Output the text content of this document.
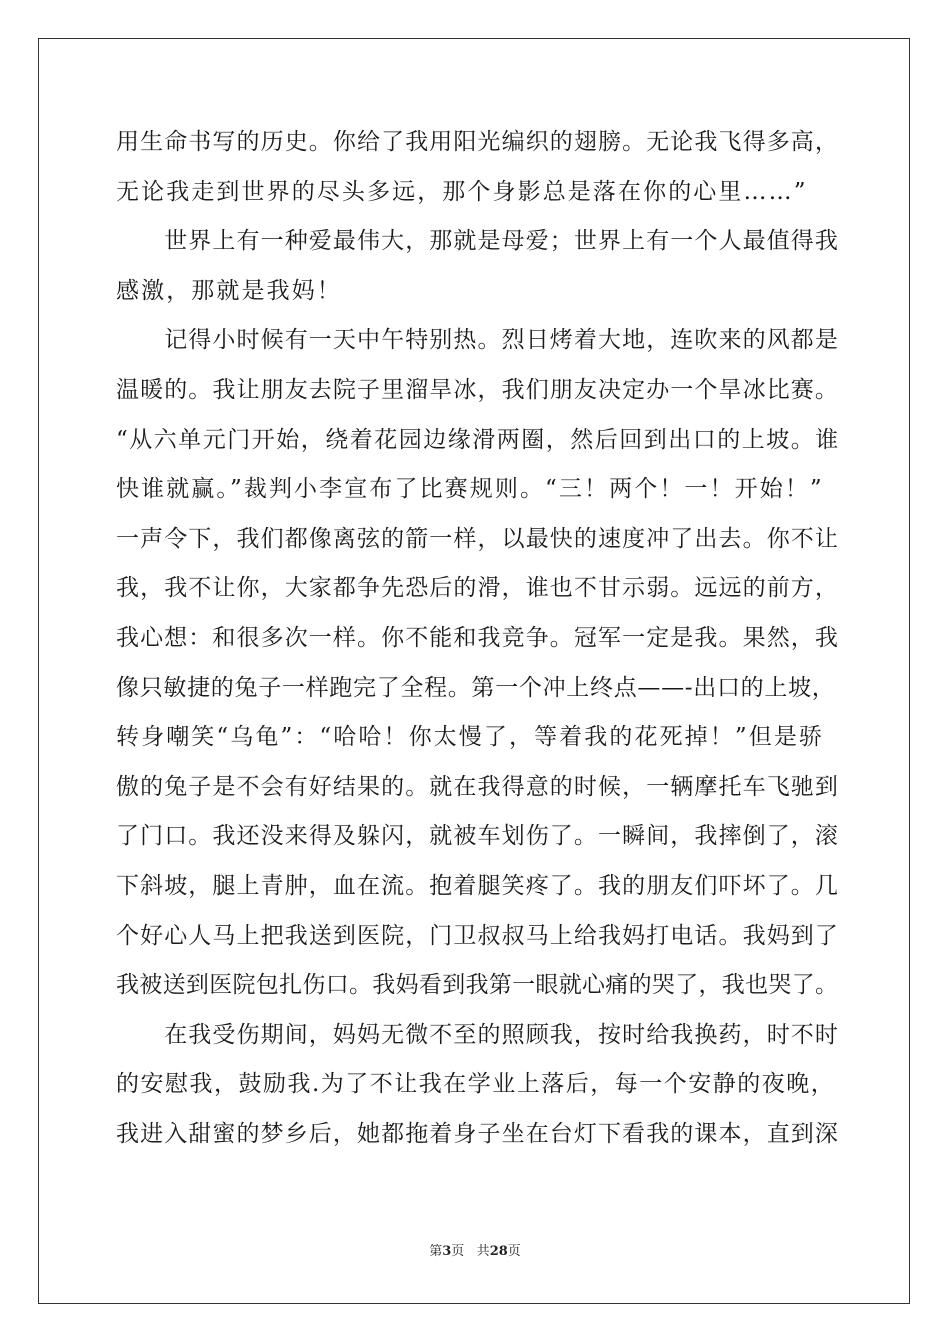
用生命书写的历史。你给了我用阳光编织的翅膀。无论我飞得多高，
无论我走到世界的尽头多远，那个身影总是落在你的心里……”
　　世界上有一种爱最伟大，那就是母爱；世界上有一个人最值得我
感激，那就是我妈！
　　记得小时候有一天中午特别热。烈日烤着大地，连吹来的风都是
温暖的。我让朋友去院子里溜旱冰，我们朋友决定办一个旱冰比赛。
“从六单元门开始，绕着花园边缘滑两圈，然后回到出口的上坡。谁
快谁就赢。”裁判小李宣布了比赛规则。“三！两个！一！开始！”
一声令下，我们都像离弦的箭一样，以最快的速度冲了出去。你不让
我，我不让你，大家都争先恐后的滑，谁也不甘示弱。远远的前方，
我心想：和很多次一样。你不能和我竞争。冠军一定是我。果然，我
像只敏捷的兔子一样跑完了全程。第一个冲上终点——-出口的上坡，
转身嘲笑“乌龟”：“哈哈！你太慢了，等着我的花死掉！”但是骄
傲的兔子是不会有好结果的。就在我得意的时候，一辆摩托车飞驰到
了门口。我还没来得及躲闪，就被车划伤了。一瞬间，我摔倒了，滚
下斜坡，腿上青肿，血在流。抱着腿笑疼了。我的朋友们吓坏了。几
个好心人马上把我送到医院，门卫叔叔马上给我妈打电话。我妈到了
我被送到医院包扎伤口。我妈看到我第一眼就心痛的哭了，我也哭了。
　　在我受伤期间，妈妈无微不至的照顾我，按时给我换药，时不时
的安慰我，鼓励我.为了不让我在学业上落后，每一个安静的夜晚，
我进入甜蜜的梦乡后，她都拖着身子坐在台灯下看我的课本，直到深
第3页 共28页
